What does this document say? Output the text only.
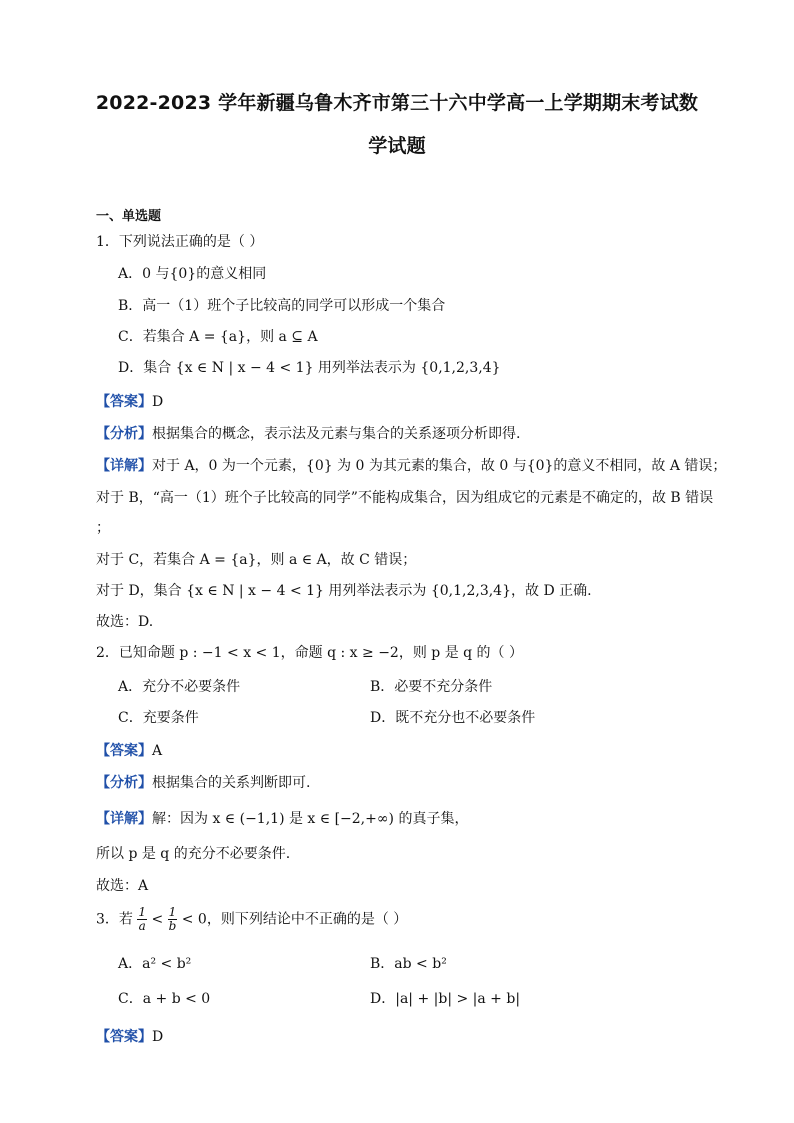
2022-2023 学年新疆乌鲁木齐市第三十六中学高一上学期期末考试数
学试题
一、单选题
1．下列说法正确的是（ ）
A．0 与{0}的意义相同
B．高一（1）班个子比较高的同学可以形成一个集合
C．若集合 A = {a}，则 a ⊆ A
D．集合 {x ∈ N | x − 4 < 1} 用列举法表示为 {0,1,2,3,4}
【答案】D
【分析】根据集合的概念，表示法及元素与集合的关系逐项分析即得.
【详解】对于 A，0 为一个元素，{0} 为 0 为其元素的集合，故 0 与{0}的意义不相同，故 A 错误；
对于 B，“高一（1）班个子比较高的同学”不能构成集合，因为组成它的元素是不确定的，故 B 错误
；
对于 C，若集合 A = {a}，则 a ∈ A，故 C 错误；
对于 D，集合 {x ∈ N | x − 4 < 1} 用列举法表示为 {0,1,2,3,4}，故 D 正确.
故选：D.
2．已知命题 p : −1 < x < 1，命题 q : x ≥ −2，则 p 是 q 的（ ）
A．充分不必要条件	B．必要不充分条件
C．充要条件	D．既不充分也不必要条件
【答案】A
【分析】根据集合的关系判断即可.
【详解】解：因为 x ∈ (−1,1) 是 x ∈ [−2,+∞) 的真子集，
所以 p 是 q 的充分不必要条件.
故选：A
3．若 $\frac{1}{a} < \frac{1}{b} < 0$，则下列结论中不正确的是（ ）
A．a² < b²	B．ab < b²
C．a + b < 0	D．|a| + |b| > |a + b|
【答案】D
